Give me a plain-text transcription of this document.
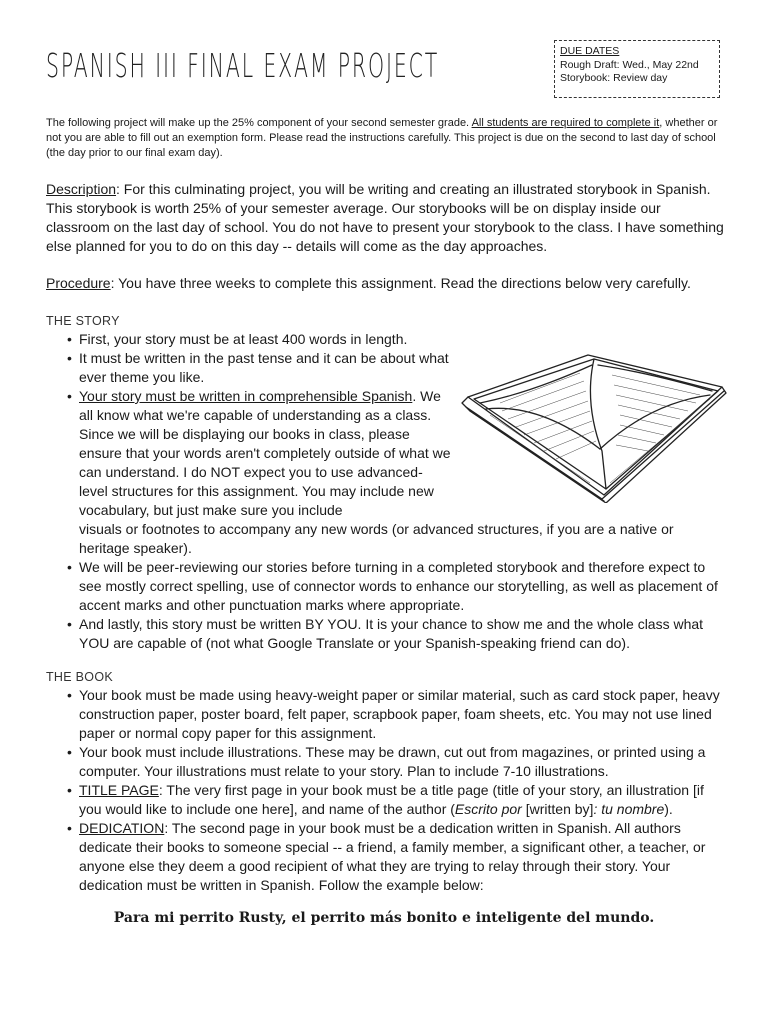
SPANISH III FINAL EXAM PROJECT	DUE DATES
Rough Draft: Wed., May 22nd
Storybook: Review day
The following project will make up the 25% component of your second semester grade. All students are required to complete it, whether or not you are able to fill out an exemption form. Please read the instructions carefully. This project is due on the second to last day of school (the day prior to our final exam day).
Description: For this culminating project, you will be writing and creating an illustrated storybook in Spanish. This storybook is worth 25% of your semester average. Our storybooks will be on display inside our classroom on the last day of school. You do not have to present your storybook to the class. I have something else planned for you to do on this day -- details will come as the day approaches.
Procedure: You have three weeks to complete this assignment. Read the directions below very carefully.
THE STORY
• First, your story must be at least 400 words in length.
• It must be written in the past tense and it can be about what ever theme you like.
• Your story must be written in comprehensible Spanish. We all know what we're capable of understanding as a class. Since we will be displaying our books in class, please ensure that your words aren't completely outside of what we can understand. I do NOT expect you to use advanced-level structures for this assignment. You may include new vocabulary, but just make sure you include
visuals or footnotes to accompany any new words (or advanced structures, if you are a native or heritage speaker).
• We will be peer-reviewing our stories before turning in a completed storybook and therefore expect to see mostly correct spelling, use of connector words to enhance our storytelling, as well as placement of accent marks and other punctuation marks where appropriate.
• And lastly, this story must be written BY YOU. It is your chance to show me and the whole class what YOU are capable of (not what Google Translate or your Spanish-speaking friend can do).
THE BOOK
• Your book must be made using heavy-weight paper or similar material, such as card stock paper, heavy construction paper, poster board, felt paper, scrapbook paper, foam sheets, etc. You may not use lined paper or normal copy paper for this assignment.
• Your book must include illustrations. These may be drawn, cut out from magazines, or printed using a computer. Your illustrations must relate to your story. Plan to include 7-10 illustrations.
• TITLE PAGE: The very first page in your book must be a title page (title of your story, an illustration [if you would like to include one here], and name of the author (Escrito por [written by]: tu nombre).
• DEDICATION: The second page in your book must be a dedication written in Spanish. All authors dedicate their books to someone special -- a friend, a family member, a significant other, a teacher, or anyone else they deem a good recipient of what they are trying to relay through their story. Your dedication must be written in Spanish. Follow the example below:
Para mi perrito Rusty, el perrito más bonito e inteligente del mundo.
